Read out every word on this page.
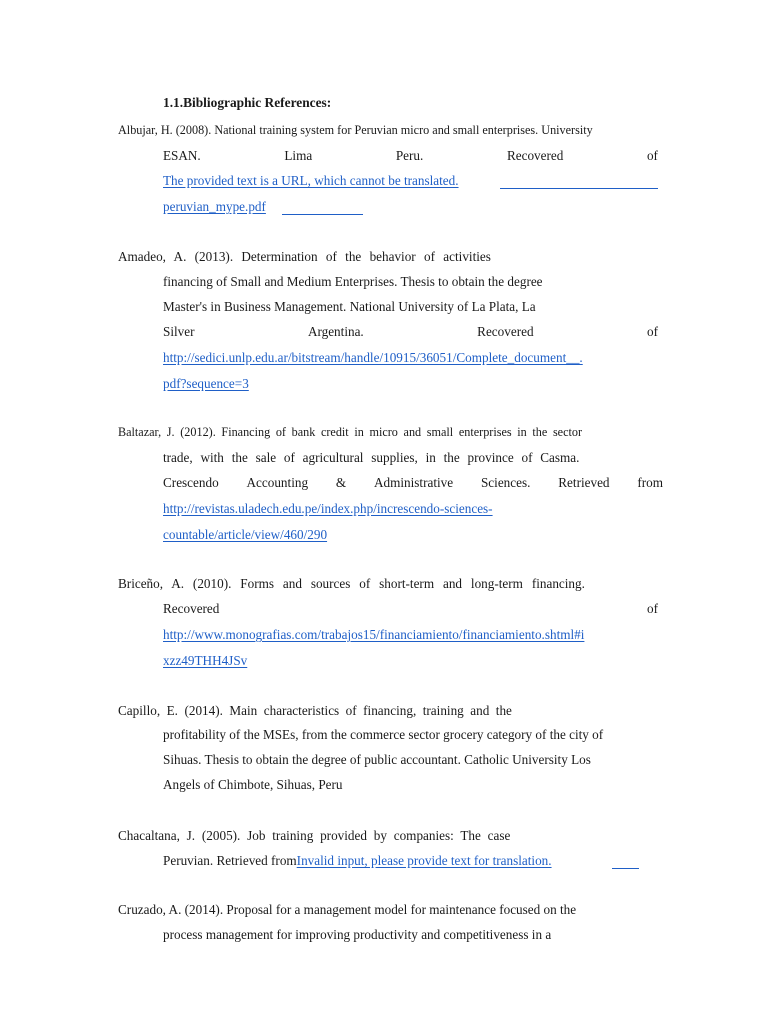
1.1.Bibliographic References:
Albujar, H. (2008). National training system for Peruvian micro and small enterprises. University
ESAN.	Lima	Peru.	Recovered	of
The provided text is a URL, which cannot be translated.
peruvian_mype.pdf
Amadeo, A. (2013). Determination of the behavior of activities
financing of Small and Medium Enterprises. Thesis to obtain the degree
Master's in Business Management. National University of La Plata, La
Silver	Argentina.	Recovered	of
http://sedici.unlp.edu.ar/bitstream/handle/10915/36051/Complete_document__.
pdf?sequence=3
Baltazar, J. (2012). Financing of bank credit in micro and small enterprises in the sector
trade, with the sale of agricultural supplies, in the province of Casma.
Crescendo Accounting & Administrative Sciences. Retrieved from
http://revistas.uladech.edu.pe/index.php/increscendo-sciences-
countable/article/view/460/290
Briceño, A. (2010). Forms and sources of short-term and long-term financing.
Recovered	of
http://www.monografias.com/trabajos15/financiamiento/financiamiento.shtml#i
xzz49THH4JSv
Capillo, E. (2014). Main characteristics of financing, training and the
profitability of the MSEs, from the commerce sector grocery category of the city of
Sihuas. Thesis to obtain the degree of public accountant. Catholic University Los
Angels of Chimbote, Sihuas, Peru
Chacaltana, J. (2005). Job training provided by companies: The case
Peruvian. Retrieved fromInvalid input, please provide text for translation.
Cruzado, A. (2014). Proposal for a management model for maintenance focused on the
process management for improving productivity and competitiveness in a
